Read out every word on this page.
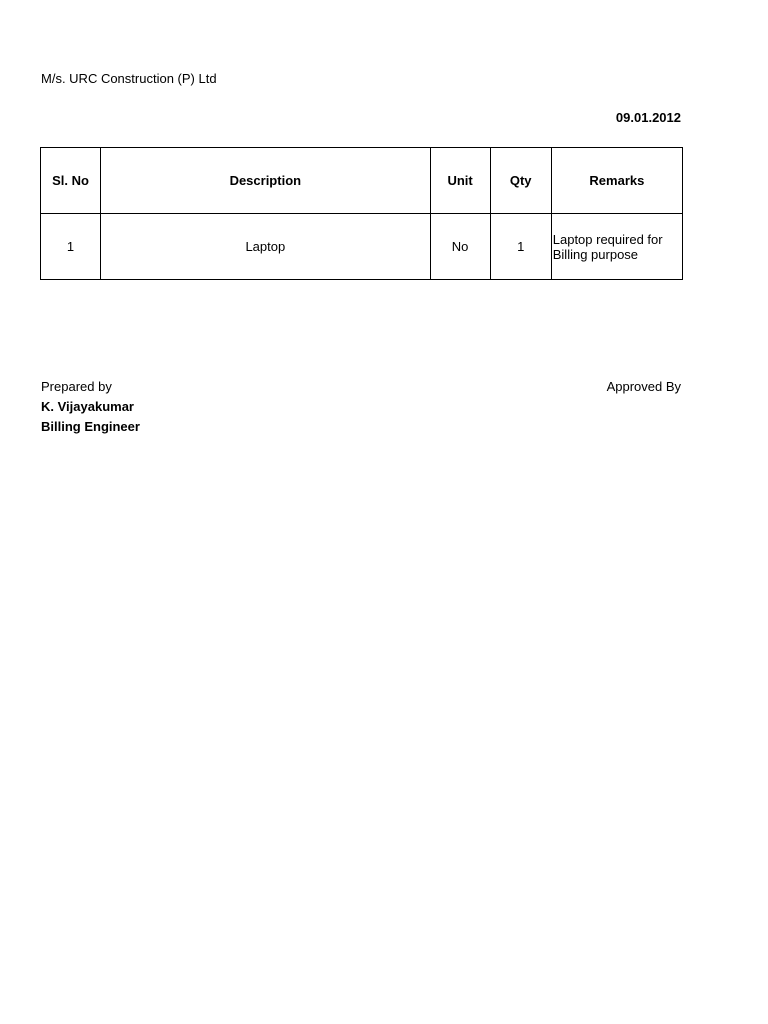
M/s. URC Construction (P) Ltd
09.01.2012
Sl. No	Description	Unit	Qty	Remarks
1	Laptop	No	1	Laptop required for Billing purpose
Prepared by
K. Vijayakumar
Billing Engineer
Approved By
